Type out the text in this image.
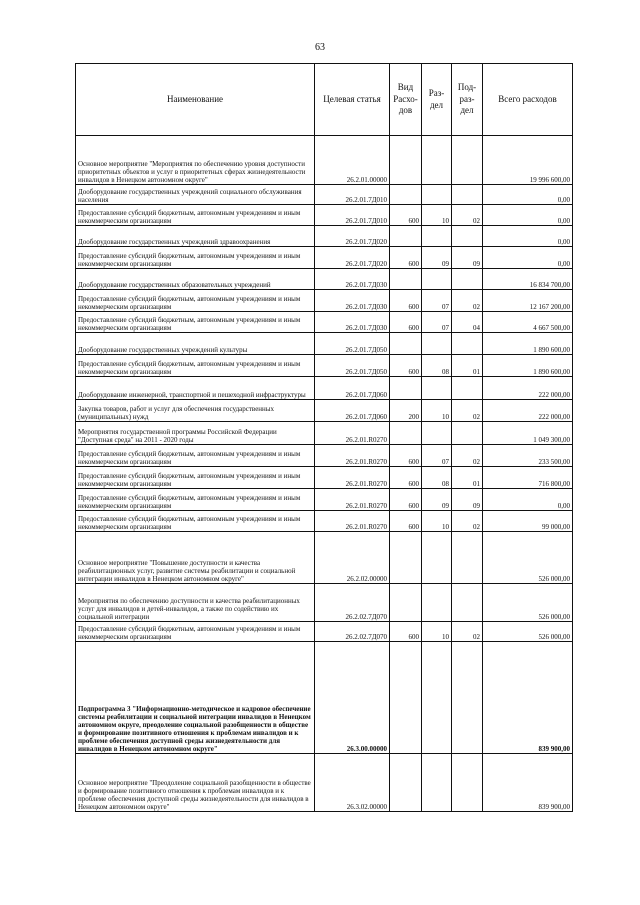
63
Наименование	Целевая статья	Вид Расхо-дов	Раз-дел	Под-раз-дел	Всего расходов
Основное мероприятие "Мероприятия по обеспечению уровня доступности приоритетных объектов и услуг в приоритетных сферах жизнедеятельности инвалидов в Ненецком автономном округе"	26.2.01.00000				19 996 600,00
Дооборудование государственных учреждений социального обслуживания населения	26.2.01.7Д010				0,00
Предоставление субсидий бюджетным, автономным учреждениям и иным некоммерческим организациям	26.2.01.7Д010	600	10	02	0,00
Дооборудование государственных учреждений здравоохранения	26.2.01.7Д020				0,00
Предоставление субсидий бюджетным, автономным учреждениям и иным некоммерческим организациям	26.2.01.7Д020	600	09	09	0,00
Дооборудование государственных образовательных учреждений	26.2.01.7Д030				16 834 700,00
Предоставление субсидий бюджетным, автономным учреждениям и иным некоммерческим организациям	26.2.01.7Д030	600	07	02	12 167 200,00
Предоставление субсидий бюджетным, автономным учреждениям и иным некоммерческим организациям	26.2.01.7Д030	600	07	04	4 667 500,00
Дооборудование государственных учреждений культуры	26.2.01.7Д050				1 890 600,00
Предоставление субсидий бюджетным, автономным учреждениям и иным некоммерческим организациям	26.2.01.7Д050	600	08	01	1 890 600,00
Дооборудование инженерной, транспортной и пешеходной инфраструктуры	26.2.01.7Д060				222 000,00
Закупка товаров, работ и услуг для обеспечения государственных (муниципальных) нужд	26.2.01.7Д060	200	10	02	222 000,00
Мероприятия государственной программы Российской Федерации "Доступная среда" на 2011 - 2020 годы	26.2.01.R0270				1 049 300,00
Предоставление субсидий бюджетным, автономным учреждениям и иным некоммерческим организациям	26.2.01.R0270	600	07	02	233 500,00
Предоставление субсидий бюджетным, автономным учреждениям и иным некоммерческим организациям	26.2.01.R0270	600	08	01	716 800,00
Предоставление субсидий бюджетным, автономным учреждениям и иным некоммерческим организациям	26.2.01.R0270	600	09	09	0,00
Предоставление субсидий бюджетным, автономным учреждениям и иным некоммерческим организациям	26.2.01.R0270	600	10	02	99 000,00
Основное мероприятие "Повышение доступности и качества реабилитационных услуг, развитие системы реабилитации и социальной интеграции инвалидов в Ненецком автономном округе"	26.2.02.00000				526 000,00
Мероприятия по обеспечению доступности и качества реабилитационных услуг для инвалидов и детей-инвалидов, а также по содействию их социальной интеграции	26.2.02.7Д070				526 000,00
Предоставление субсидий бюджетным, автономным учреждениям и иным некоммерческим организациям	26.2.02.7Д070	600	10	02	526 000,00
Подпрограмма 3 "Информационно-методическое и кадровое обеспечение системы реабилитации и социальной интеграции инвалидов в Ненецком автономном округе, преодоление социальной разобщенности в обществе и формирование позитивного отношения к проблемам инвалидов и к проблеме обеспечения доступной среды жизнедеятельности для инвалидов в Ненецком автономном округе"	26.3.00.00000				839 900,00
Основное мероприятие "Преодоление социальной разобщенности в обществе и формирование позитивного отношения к проблемам инвалидов и к проблеме обеспечения доступной среды жизнедеятельности для инвалидов в Ненецком автономном округе"	26.3.02.00000				839 900,00
